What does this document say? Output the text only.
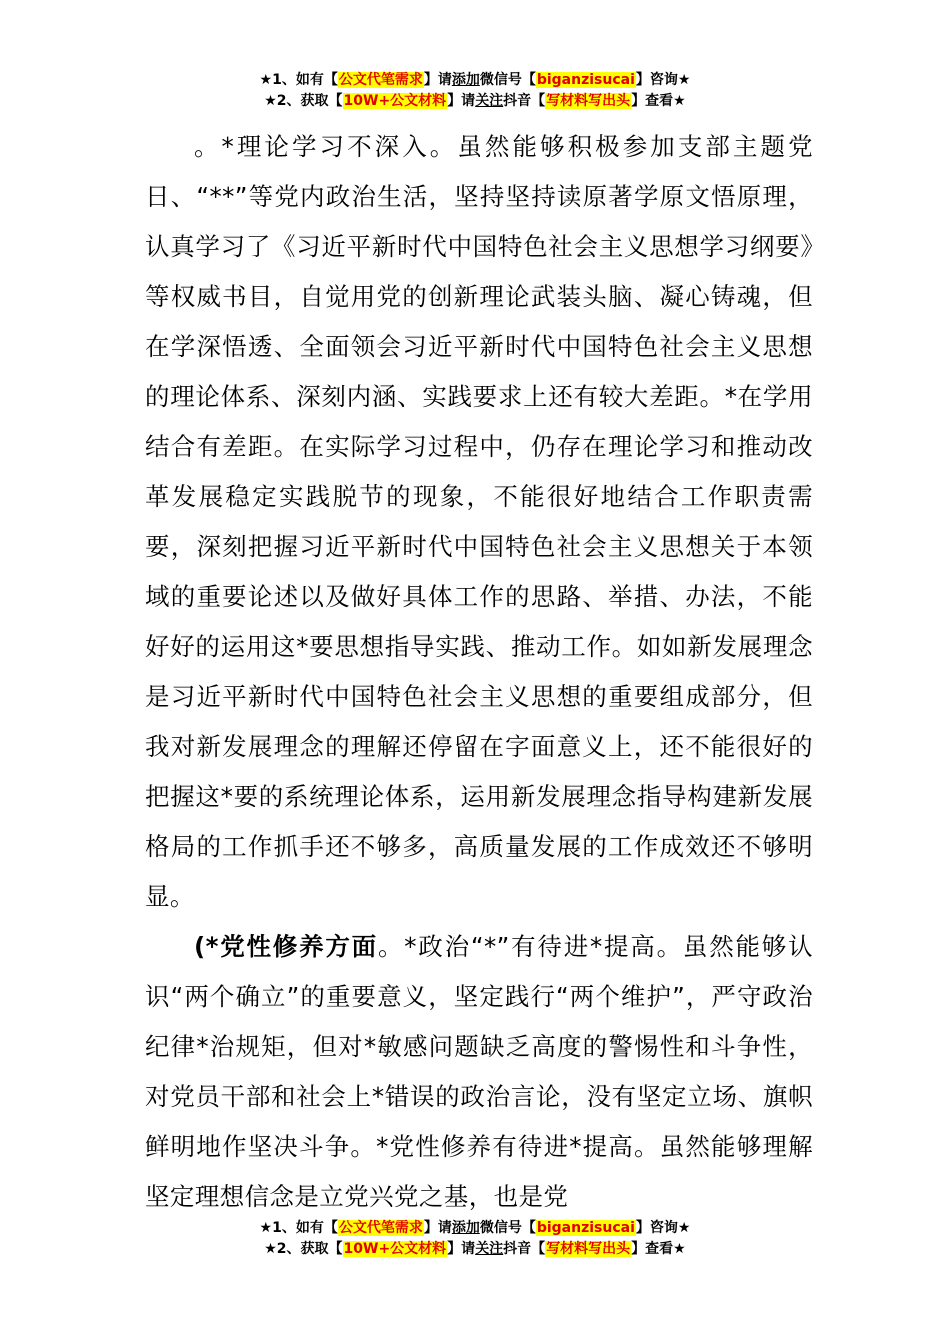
★1、如有【公文代笔需求】请添加微信号【biganzisucai】咨询★
★2、获取【10W+公文材料】请关注抖音【写材料写出头】查看★

。*理论学习不深入。虽然能够积极参加支部主题党日、“**”等党内政治生活，坚持坚持读原著学原文悟原理，认真学习了《习近平新时代中国特色社会主义思想学习纲要》等权威书目，自觉用党的创新理论武装头脑、凝心铸魂，但在学深悟透、全面领会习近平新时代中国特色社会主义思想的理论体系、深刻内涵、实践要求上还有较大差距。*在学用结合有差距。在实际学习过程中，仍存在理论学习和推动改革发展稳定实践脱节的现象，不能很好地结合工作职责需要，深刻把握习近平新时代中国特色社会主义思想关于本领域的重要论述以及做好具体工作的思路、举措、办法，不能好好的运用这*要思想指导实践、推动工作。如如新发展理念是习近平新时代中国特色社会主义思想的重要组成部分，但我对新发展理念的理解还停留在字面意义上，还不能很好的把握这*要的系统理论体系，运用新发展理念指导构建新发展格局的工作抓手还不够多，高质量发展的工作成效还不够明显。

(*党性修养方面。*政治“*”有待进*提高。虽然能够认识“两个确立”的重要意义，坚定践行“两个维护”，严守政治纪律*治规矩，但对*敏感问题缺乏高度的警惕性和斗争性，对党员干部和社会上*错误的政治言论，没有坚定立场、旗帜鲜明地作坚决斗争。*党性修养有待进*提高。虽然能够理解坚定理想信念是立党兴党之基，也是党

★1、如有【公文代笔需求】请添加微信号【biganzisucai】咨询★
★2、获取【10W+公文材料】请关注抖音【写材料写出头】查看★
